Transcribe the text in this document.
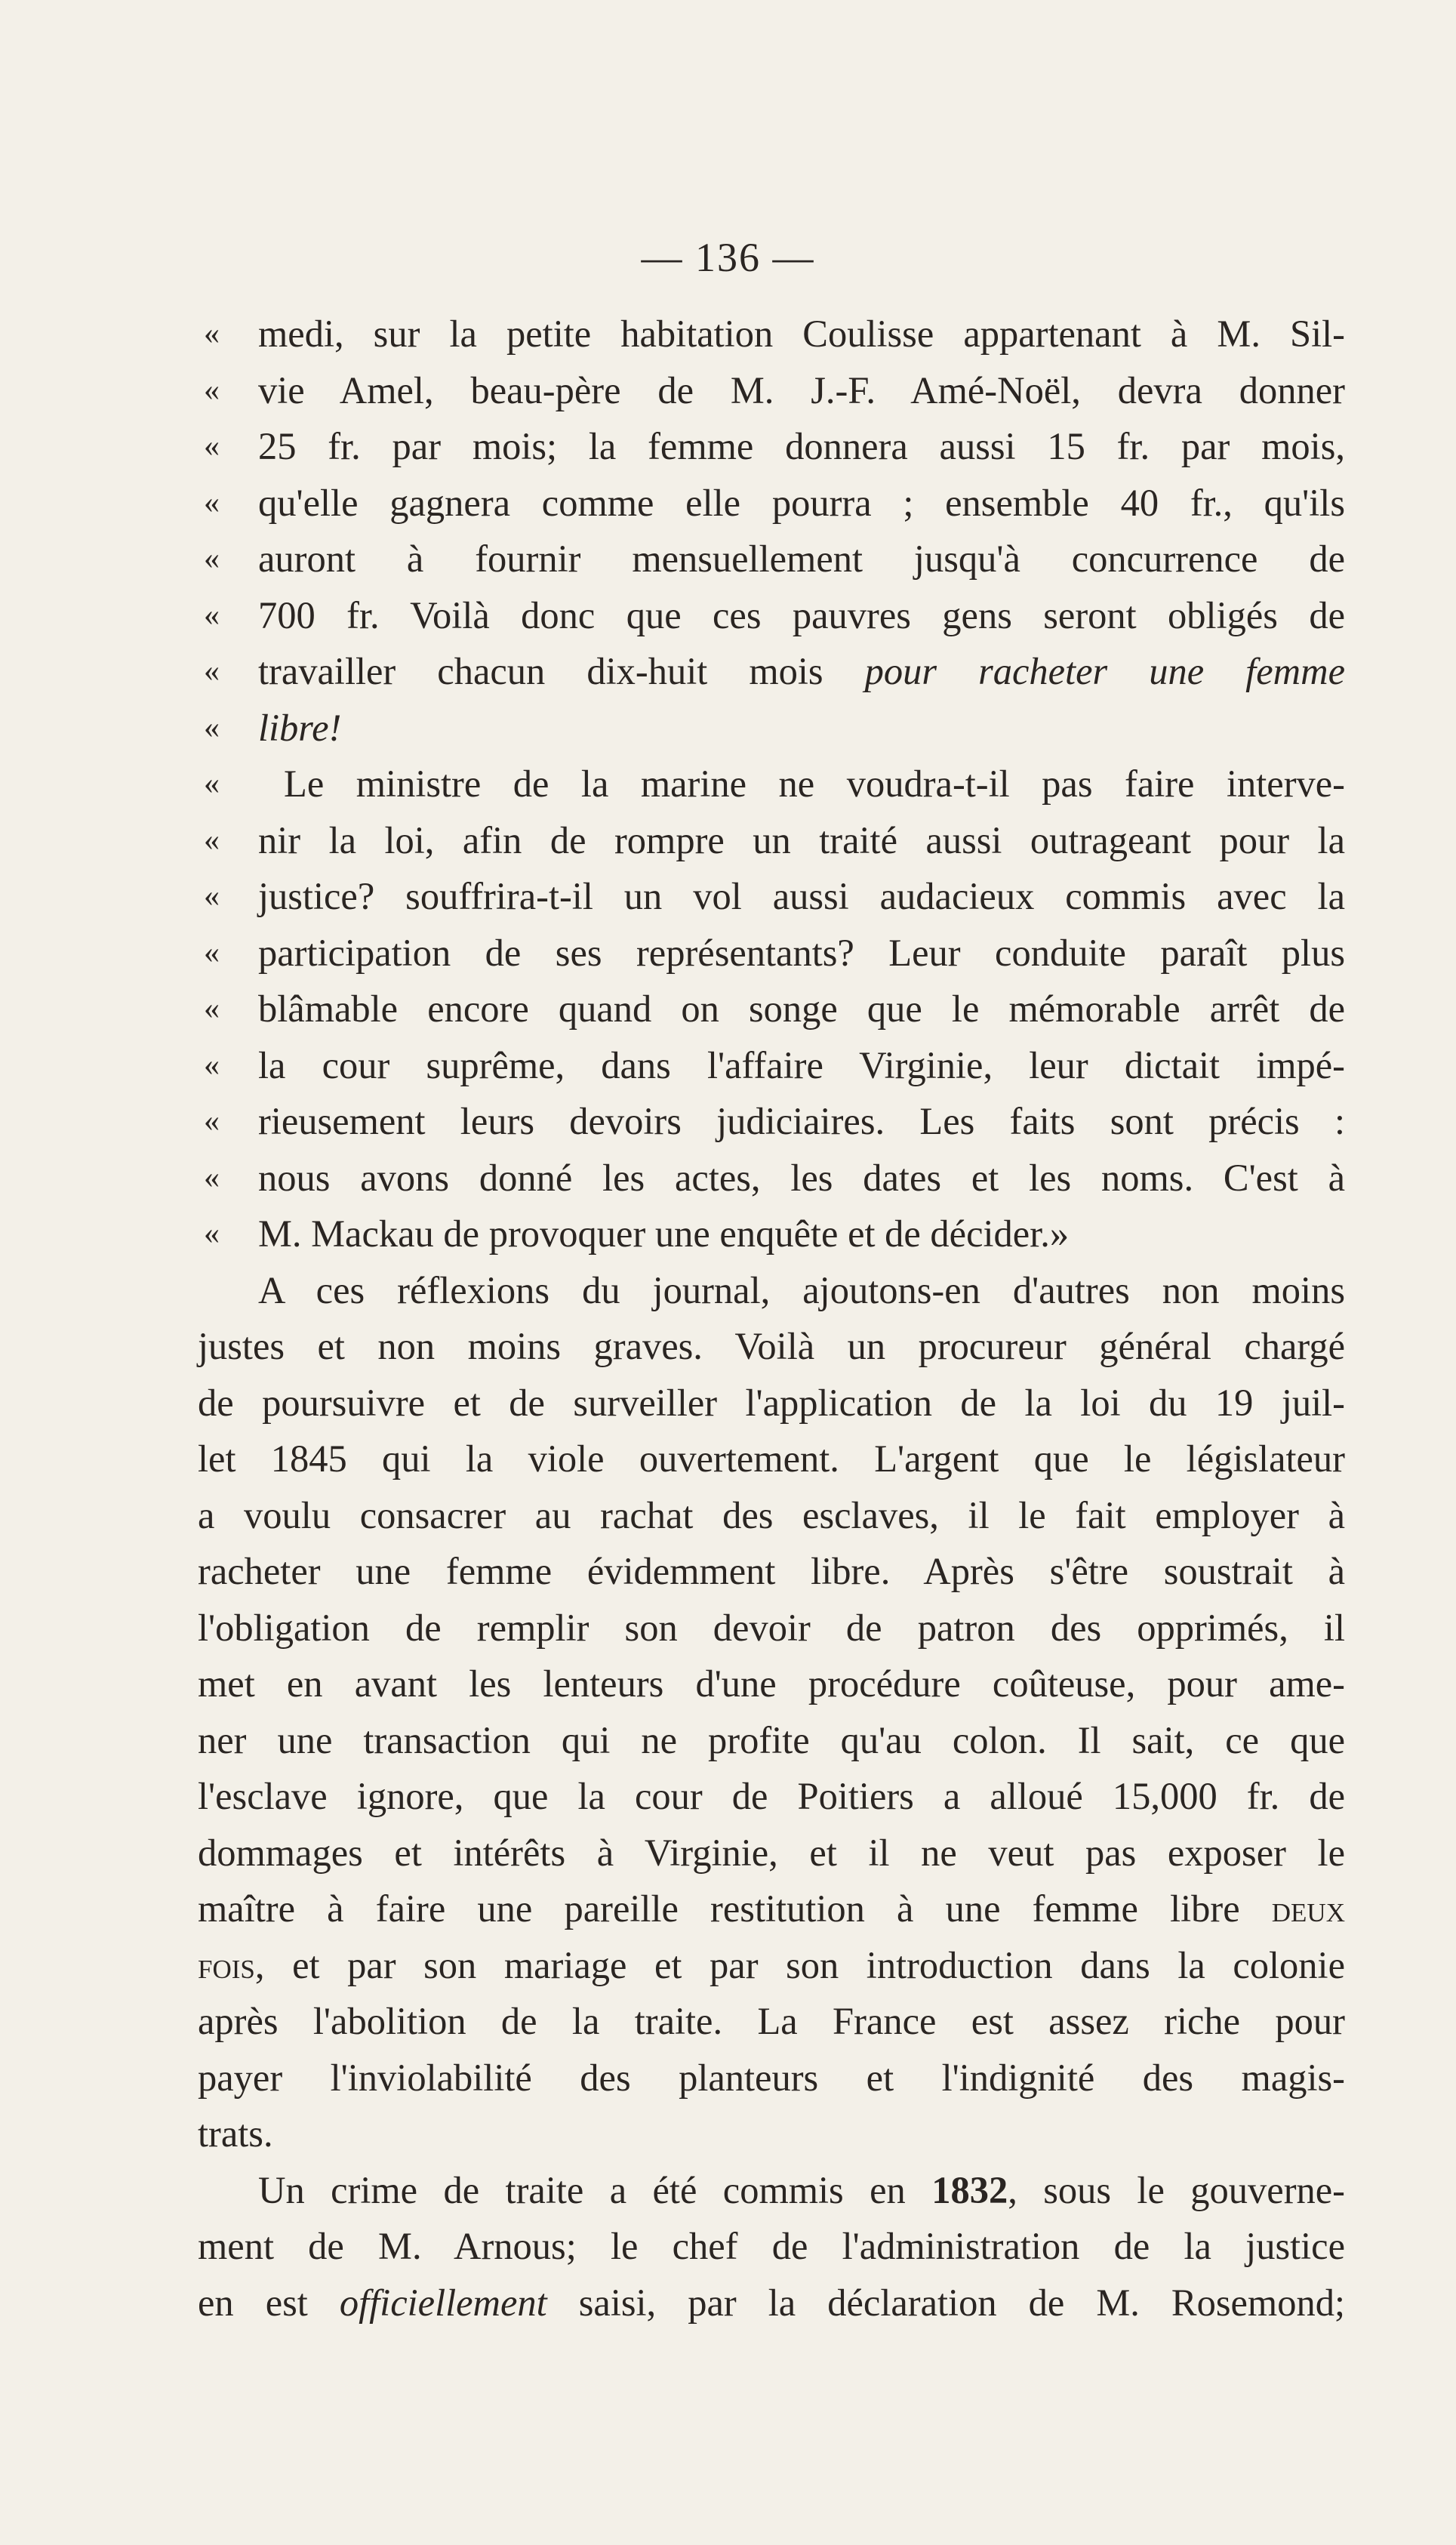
— 136 —
« medi, sur la petite habitation Coulisse appartenant à M. Sil-
« vie Amel, beau-père de M. J.-F. Amé-Noël, devra donner
« 25 fr. par mois; la femme donnera aussi 15 fr. par mois,
« qu'elle gagnera comme elle pourra ; ensemble 40 fr., qu'ils
« auront à fournir mensuellement jusqu'à concurrence de
« 700 fr. Voilà donc que ces pauvres gens seront obligés de
« travailler chacun dix-huit mois pour racheter une femme
« libre!
« Le ministre de la marine ne voudra-t-il pas faire interve-
« nir la loi, afin de rompre un traité aussi outrageant pour la
« justice? souffrira-t-il un vol aussi audacieux commis avec la
« participation de ses représentants? Leur conduite paraît plus
« blâmable encore quand on songe que le mémorable arrêt de
« la cour suprême, dans l'affaire Virginie, leur dictait impé-
« rieusement leurs devoirs judiciaires. Les faits sont précis :
« nous avons donné les actes, les dates et les noms. C'est à
« M. Mackau de provoquer une enquête et de décider.»
A ces réflexions du journal, ajoutons-en d'autres non moins
justes et non moins graves. Voilà un procureur général chargé
de poursuivre et de surveiller l'application de la loi du 19 juil-
let 1845 qui la viole ouvertement. L'argent que le législateur
a voulu consacrer au rachat des esclaves, il le fait employer à
racheter une femme évidemment libre. Après s'être soustrait à
l'obligation de remplir son devoir de patron des opprimés, il
met en avant les lenteurs d'une procédure coûteuse, pour ame-
ner une transaction qui ne profite qu'au colon. Il sait, ce que
l'esclave ignore, que la cour de Poitiers a alloué 15,000 fr. de
dommages et intérêts à Virginie, et il ne veut pas exposer le
maître à faire une pareille restitution à une femme libre deux
fois, et par son mariage et par son introduction dans la colonie
après l'abolition de la traite. La France est assez riche pour
payer l'inviolabilité des planteurs et l'indignité des magis-
trats.
Un crime de traite a été commis en 1832, sous le gouverne-
ment de M. Arnous; le chef de l'administration de la justice
en est officiellement saisi, par la déclaration de M. Rosemond;
